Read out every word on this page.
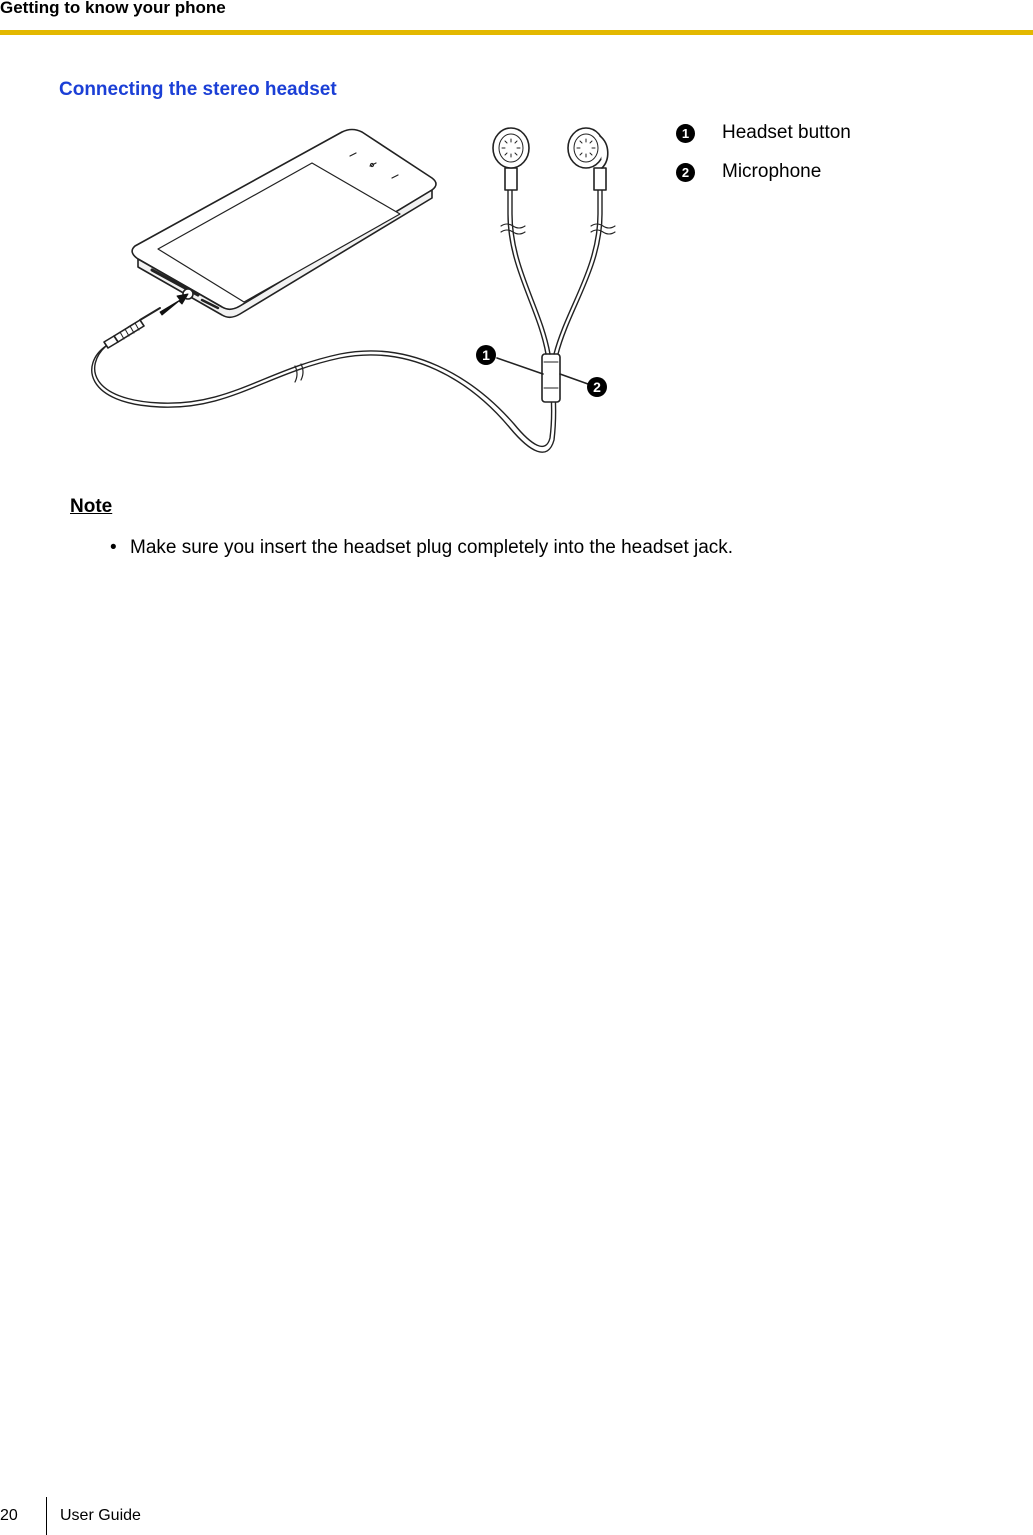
Getting to know your phone
Connecting the stereo headset
1
2
1	Headset button
2	Microphone
Note
• Make sure you insert the headset plug completely into the headset jack.
20	User Guide
